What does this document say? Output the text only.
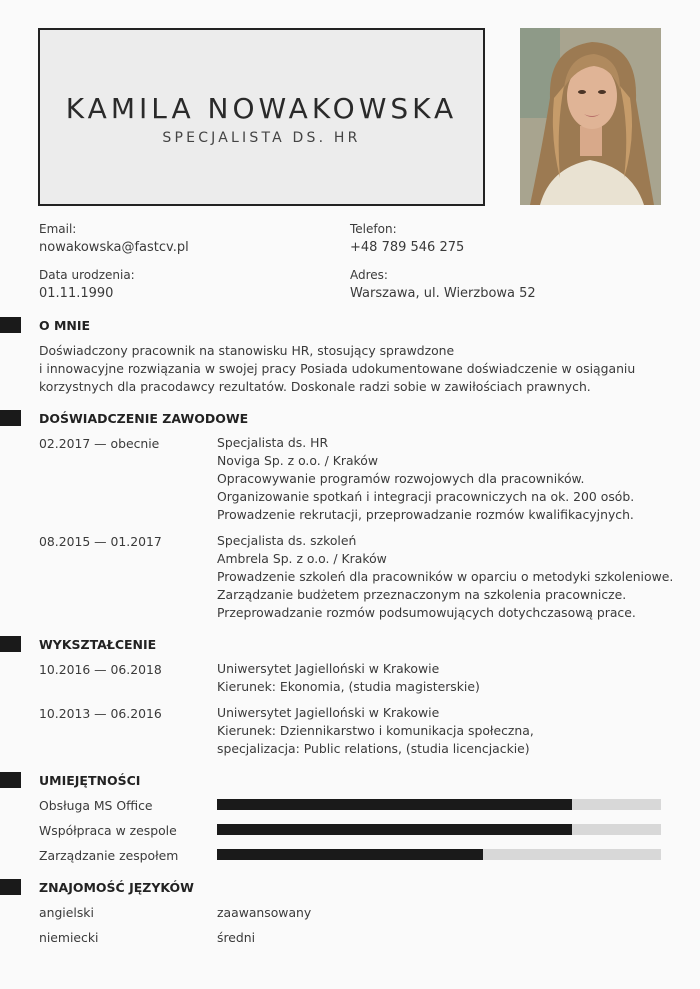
KAMILA NOWAKOWSKA
SPECJALISTA DS. HR
Email:
nowakowska@fastcv.pl
Telefon:
+48 789 546 275
Data urodzenia:
01.11.1990
Adres:
Warszawa, ul. Wierzbowa 52
O MNIE
Doświadczony pracownik na stanowisku HR, stosujący sprawdzone
i innowacyjne rozwiązania w swojej pracy Posiada udokumentowane doświadczenie w osiąganiu
korzystnych dla pracodawcy rezultatów. Doskonale radzi sobie w zawiłościach prawnych.
DOŚWIADCZENIE ZAWODOWE
02.2017 — obecnie	Specjalista ds. HR
Noviga Sp. z o.o. / Kraków
Opracowywanie programów rozwojowych dla pracowników.
Organizowanie spotkań i integracji pracowniczych na ok. 200 osób.
Prowadzenie rekrutacji, przeprowadzanie rozmów kwalifikacyjnych.
08.2015 — 01.2017	Specjalista ds. szkoleń
Ambrela Sp. z o.o. / Kraków
Prowadzenie szkoleń dla pracowników w oparciu o metodyki szkoleniowe.
Zarządzanie budżetem przeznaczonym na szkolenia pracownicze.
Przeprowadzanie rozmów podsumowujących dotychczasową prace.
WYKSZTAŁCENIE
10.2016 — 06.2018	Uniwersytet Jagielloński w Krakowie
Kierunek: Ekonomia, (studia magisterskie)
10.2013 — 06.2016	Uniwersytet Jagielloński w Krakowie
Kierunek: Dziennikarstwo i komunikacja społeczna,
specjalizacja: Public relations, (studia licencjackie)
UMIEJĘTNOŚCI
Obsługa MS Office
Współpraca w zespole
Zarządzanie zespołem
ZNAJOMOŚĆ JĘZYKÓW
angielski	zaawansowany
niemiecki	średni
